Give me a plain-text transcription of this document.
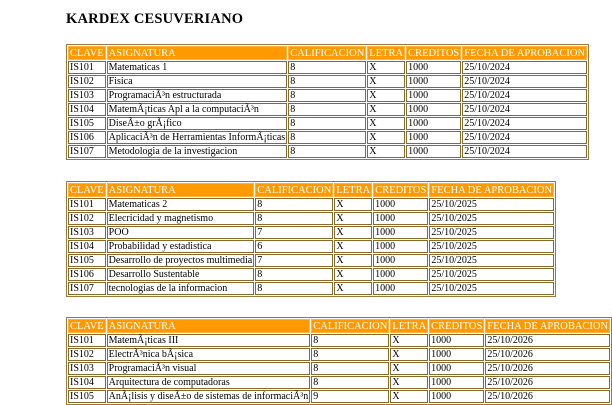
KARDEX CESUVERIANO
CLAVE	ASIGNATURA	CALIFICACION	LETRA	CREDITOS	FECHA DE APROBACION
IS101	Matematicas 1	8	X	1000	25/10/2024
IS102	Fisica	8	X	1000	25/10/2024
IS103	ProgramaciÃ³n estructurada	8	X	1000	25/10/2024
IS104	MatemÃ¡ticas Apl a la computaciÃ³n	8	X	1000	25/10/2024
IS105	DiseÃ±o grÃ¡fico	8	X	1000	25/10/2024
IS106	AplicaciÃ³n de Herramientas InformÃ¡ticas	8	X	1000	25/10/2024
IS107	Metodologia de la investigacion	8	X	1000	25/10/2024
CLAVE	ASIGNATURA	CALIFICACION	LETRA	CREDITOS	FECHA DE APROBACION
IS101	Matematicas 2	8	X	1000	25/10/2025
IS102	Elecricidad y magnetismo	8	X	1000	25/10/2025
IS103	POO	7	X	1000	25/10/2025
IS104	Probabilidad y estadistica	6	X	1000	25/10/2025
IS105	Desarrollo de proyectos multimedia	7	X	1000	25/10/2025
IS106	Desarrollo Sustentable	8	X	1000	25/10/2025
IS107	tecnologias de la informacion	8	X	1000	25/10/2025
CLAVE	ASIGNATURA	CALIFICACION	LETRA	CREDITOS	FECHA DE APROBACION
IS101	MatemÃ¡ticas III	8	X	1000	25/10/2026
IS102	ElectrÃ³nica bÃ¡sica	8	X	1000	25/10/2026
IS103	ProgramaciÃ³n visual	8	X	1000	25/10/2026
IS104	Arquitectura de computadoras	8	X	1000	25/10/2026
IS105	AnÃ¡lisis y diseÃ±o de sistemas de informaciÃ³n	9	X	1000	25/10/2026
